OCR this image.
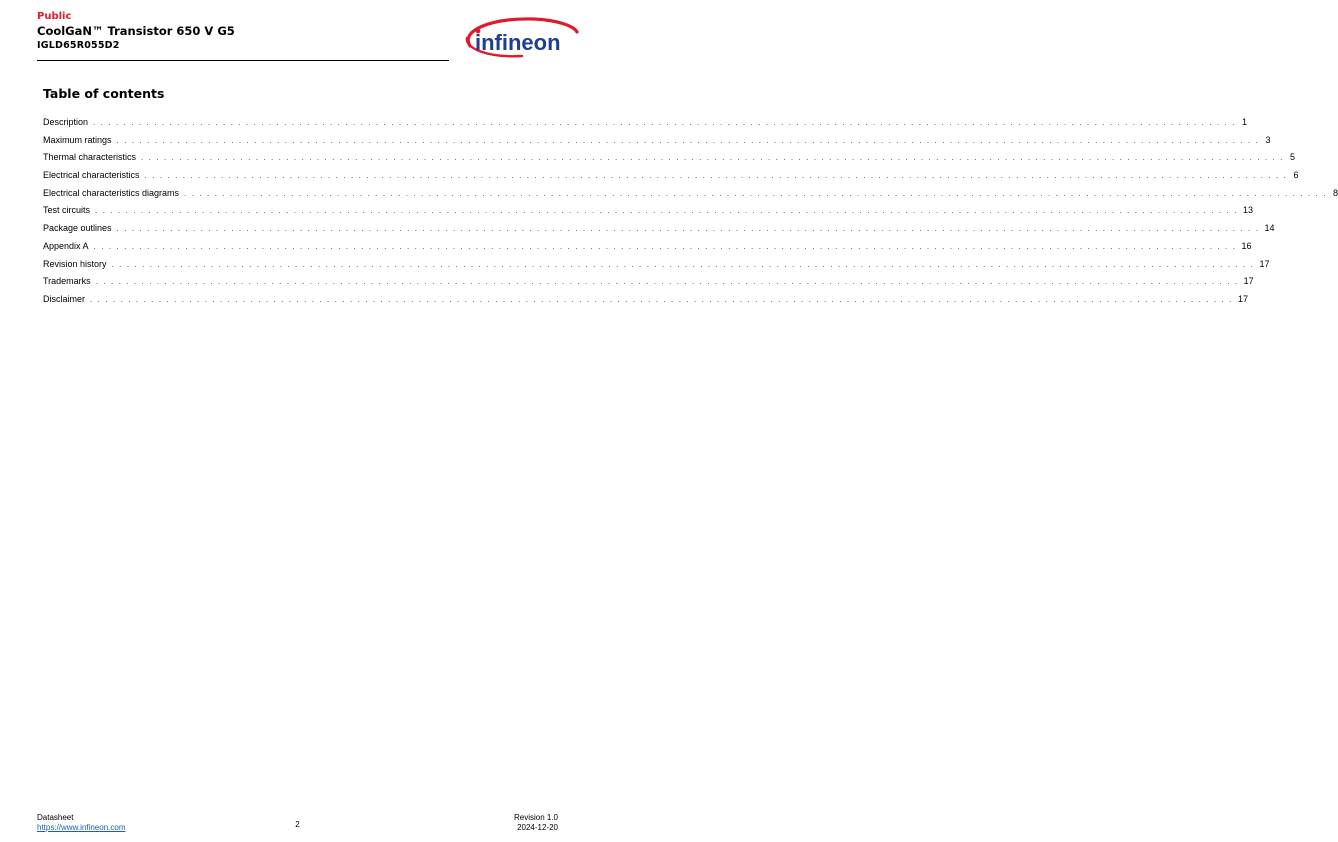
Public
CoolGaN™ Transistor 650 V G5
IGLD65R055D2	infineon
Table of contents
Description . . . . . . . . . . . . . . . . . . . . . . . . . . . . . . . . . . . . . . . . . . . . . . . . . . . . . . . . . . . . . . . . . . . . . . . . . . . . . . . . . . . . . . . . . . . . . . . . . . . . . . . . . . . . . . . . . . . . . . . . . . . . . . . . . . . . . . . . . . . . . . . . . . . . . . 1
Maximum ratings . . . . . . . . . . . . . . . . . . . . . . . . . . . . . . . . . . . . . . . . . . . . . . . . . . . . . . . . . . . . . . . . . . . . . . . . . . . . . . . . . . . . . . . . . . . . . . . . . . . . . . . . . . . . . . . . . . . . . . . . . . . . . . . . . . . . . . . . . . . . . . . . . . . . . . 3
Thermal characteristics . . . . . . . . . . . . . . . . . . . . . . . . . . . . . . . . . . . . . . . . . . . . . . . . . . . . . . . . . . . . . . . . . . . . . . . . . . . . . . . . . . . . . . . . . . . . . . . . . . . . . . . . . . . . . . . . . . . . . . . . . . . . . . . . . . . . . . . . . . . . . . . . . . . . . . 5
Electrical characteristics . . . . . . . . . . . . . . . . . . . . . . . . . . . . . . . . . . . . . . . . . . . . . . . . . . . . . . . . . . . . . . . . . . . . . . . . . . . . . . . . . . . . . . . . . . . . . . . . . . . . . . . . . . . . . . . . . . . . . . . . . . . . . . . . . . . . . . . . . . . . . . . . . . . . . . 6
Electrical characteristics diagrams . . . . . . . . . . . . . . . . . . . . . . . . . . . . . . . . . . . . . . . . . . . . . . . . . . . . . . . . . . . . . . . . . . . . . . . . . . . . . . . . . . . . . . . . . . . . . . . . . . . . . . . . . . . . . . . . . . . . . . . . . . . . . . . . . . . . . . . . . . . . . . . . . . . . . . 8
Test circuits . . . . . . . . . . . . . . . . . . . . . . . . . . . . . . . . . . . . . . . . . . . . . . . . . . . . . . . . . . . . . . . . . . . . . . . . . . . . . . . . . . . . . . . . . . . . . . . . . . . . . . . . . . . . . . . . . . . . . . . . . . . . . . . . . . . . . . . . . . . . . . . . . . . . . . 13
Package outlines . . . . . . . . . . . . . . . . . . . . . . . . . . . . . . . . . . . . . . . . . . . . . . . . . . . . . . . . . . . . . . . . . . . . . . . . . . . . . . . . . . . . . . . . . . . . . . . . . . . . . . . . . . . . . . . . . . . . . . . . . . . . . . . . . . . . . . . . . . . . . . . . . . . . . . 14
Appendix A . . . . . . . . . . . . . . . . . . . . . . . . . . . . . . . . . . . . . . . . . . . . . . . . . . . . . . . . . . . . . . . . . . . . . . . . . . . . . . . . . . . . . . . . . . . . . . . . . . . . . . . . . . . . . . . . . . . . . . . . . . . . . . . . . . . . . . . . . . . . . . . . . . . . . . 16
Revision history . . . . . . . . . . . . . . . . . . . . . . . . . . . . . . . . . . . . . . . . . . . . . . . . . . . . . . . . . . . . . . . . . . . . . . . . . . . . . . . . . . . . . . . . . . . . . . . . . . . . . . . . . . . . . . . . . . . . . . . . . . . . . . . . . . . . . . . . . . . . . . . . . . . . . . 17
Trademarks . . . . . . . . . . . . . . . . . . . . . . . . . . . . . . . . . . . . . . . . . . . . . . . . . . . . . . . . . . . . . . . . . . . . . . . . . . . . . . . . . . . . . . . . . . . . . . . . . . . . . . . . . . . . . . . . . . . . . . . . . . . . . . . . . . . . . . . . . . . . . . . . . . . . . . 17
Disclaimer . . . . . . . . . . . . . . . . . . . . . . . . . . . . . . . . . . . . . . . . . . . . . . . . . . . . . . . . . . . . . . . . . . . . . . . . . . . . . . . . . . . . . . . . . . . . . . . . . . . . . . . . . . . . . . . . . . . . . . . . . . . . . . . . . . . . . . . . . . . . . . . . . . . . . . 17
Datasheet
https://www.infineon.com	2
Revision 1.0
2024-12-20
